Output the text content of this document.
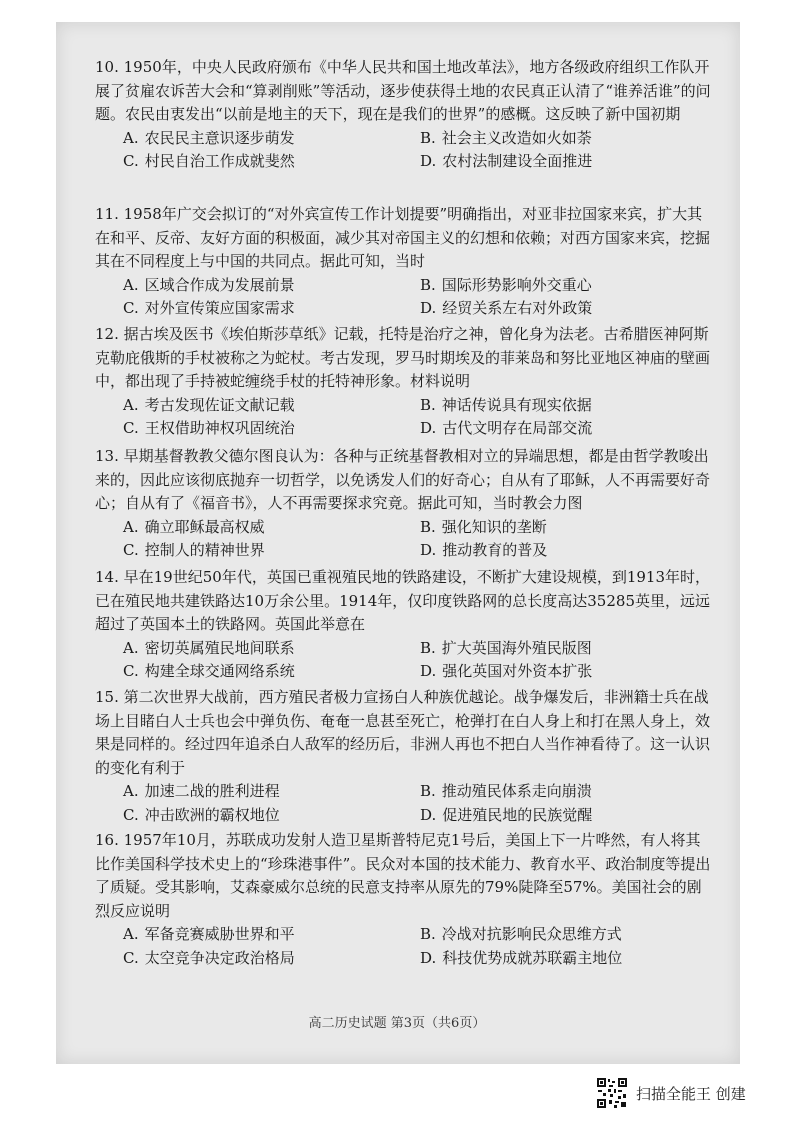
10. 1950年，中央人民政府颁布《中华人民共和国土地改革法》，地方各级政府组织工作队开展了贫雇农诉苦大会和“算剥削账”等活动，逐步使获得土地的农民真正认清了“谁养活谁”的问题。农民由衷发出“以前是地主的天下，现在是我们的世界”的感概。这反映了新中国初期
A. 农民民主意识逐步萌发	B. 社会主义改造如火如荼
C. 村民自治工作成就斐然	D. 农村法制建设全面推进
11. 1958年广交会拟订的“对外宾宣传工作计划提要”明确指出，对亚非拉国家来宾，扩大其在和平、反帝、友好方面的积极面，减少其对帝国主义的幻想和依赖；对西方国家来宾，挖掘其在不同程度上与中国的共同点。据此可知，当时
A. 区域合作成为发展前景	B. 国际形势影响外交重心
C. 对外宣传策应国家需求	D. 经贸关系左右对外政策
12. 据古埃及医书《埃伯斯莎草纸》记载，托特是治疗之神，曾化身为法老。古希腊医神阿斯克勒庇俄斯的手杖被称之为蛇杖。考古发现，罗马时期埃及的菲莱岛和努比亚地区神庙的壁画中，都出现了手持被蛇缠绕手杖的托特神形象。材料说明
A. 考古发现佐证文献记载	B. 神话传说具有现实依据
C. 王权借助神权巩固统治	D. 古代文明存在局部交流
13. 早期基督教教父德尔图良认为：各种与正统基督教相对立的异端思想，都是由哲学教唆出来的，因此应该彻底抛弃一切哲学，以免诱发人们的好奇心；自从有了耶稣，人不再需要好奇心；自从有了《福音书》，人不再需要探求究竟。据此可知，当时教会力图
A. 确立耶稣最高权威	B. 强化知识的垄断
C. 控制人的精神世界	D. 推动教育的普及
14. 早在19世纪50年代，英国已重视殖民地的铁路建设，不断扩大建设规模，到1913年时，已在殖民地共建铁路达10万余公里。1914年，仅印度铁路网的总长度高达35285英里，远远超过了英国本土的铁路网。英国此举意在
A. 密切英属殖民地间联系	B. 扩大英国海外殖民版图
C. 构建全球交通网络系统	D. 强化英国对外资本扩张
15. 第二次世界大战前，西方殖民者极力宣扬白人种族优越论。战争爆发后，非洲籍士兵在战场上目睹白人士兵也会中弹负伤、奄奄一息甚至死亡，枪弹打在白人身上和打在黑人身上，效果是同样的。经过四年追杀白人敌军的经历后，非洲人再也不把白人当作神看待了。这一认识的变化有利于
A. 加速二战的胜利进程	B. 推动殖民体系走向崩溃
C. 冲击欧洲的霸权地位	D. 促进殖民地的民族觉醒
16. 1957年10月，苏联成功发射人造卫星斯普特尼克1号后，美国上下一片哗然，有人将其比作美国科学技术史上的“珍珠港事件”。民众对本国的技术能力、教育水平、政治制度等提出了质疑。受其影响，艾森豪威尔总统的民意支持率从原先的79%陡降至57%。美国社会的剧烈反应说明
A. 军备竞赛威胁世界和平	B. 冷战对抗影响民众思维方式
C. 太空竞争决定政治格局	D. 科技优势成就苏联霸主地位
高二历史试题 第3页（共6页）
扫描全能王 创建
